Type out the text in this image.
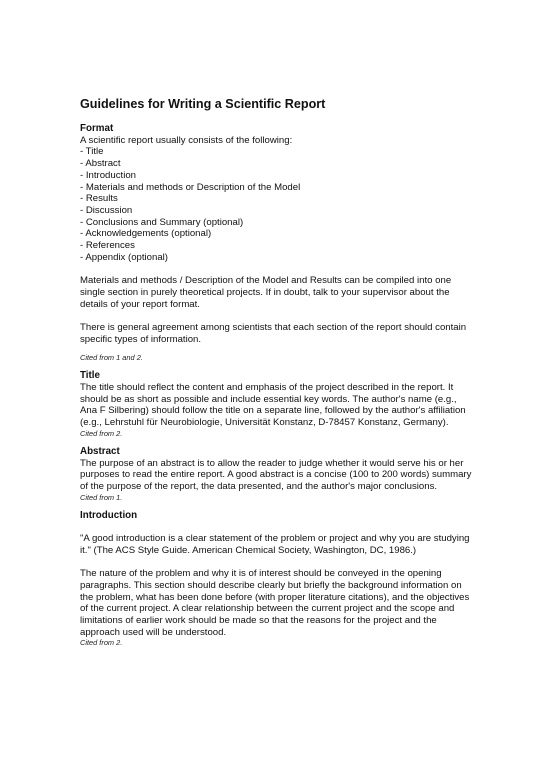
Guidelines for Writing a Scientific Report
Format

A scientific report usually consists of the following:

- Title
- Abstract
- Introduction
- Materials and methods or Description of the Model
- Results
- Discussion
- Conclusions and Summary (optional)
- Acknowledgements (optional)
- References
- Appendix (optional)

Materials and methods / Description of the Model and Results can be compiled into one single section in purely theoretical projects. If in doubt, talk to your supervisor about the details of your report format.

There is general agreement among scientists that each section of the report should contain specific types of information.

Cited from 1 and 2.

Title

The title should reflect the content and emphasis of the project described in the report. It should be as short as possible and include essential key words. The author's name (e.g., Ana F Silbering) should follow the title on a separate line, followed by the author's affiliation (e.g., Lehrstuhl für Neurobiologie, Universität Konstanz, D-78457 Konstanz, Germany).

Cited from 2.

Abstract

The purpose of an abstract is to allow the reader to judge whether it would serve his or her purposes to read the entire report. A good abstract is a concise (100 to 200 words) summary of the purpose of the report, the data presented, and the author's major conclusions.

Cited from 1.

Introduction

"A good introduction is a clear statement of the problem or project and why you are studying it." (The ACS Style Guide. American Chemical Society, Washington, DC, 1986.)

The nature of the problem and why it is of interest should be conveyed in the opening paragraphs. This section should describe clearly but briefly the background information on the problem, what has been done before (with proper literature citations), and the objectives of the current project. A clear relationship between the current project and the scope and limitations of earlier work should be made so that the reasons for the project and the approach used will be understood.

Cited from 2.
